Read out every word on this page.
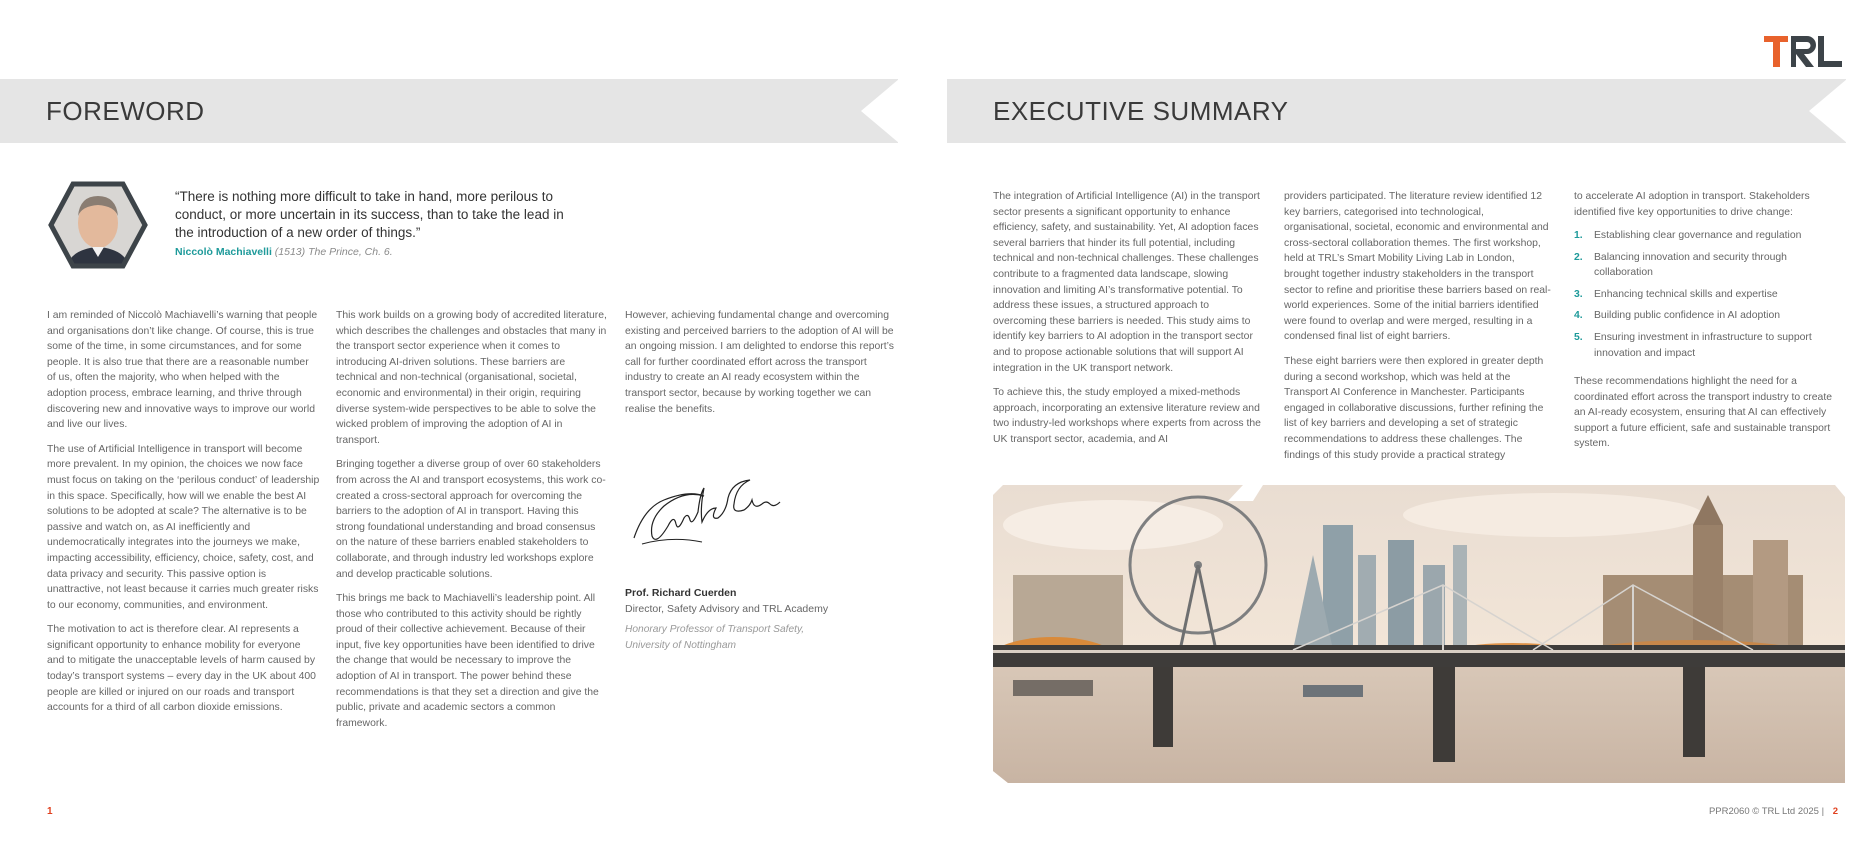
FOREWORD	EXECUTIVE SUMMARY
“There is nothing more difficult to take in hand, more perilous to conduct, or more uncertain in its success, than to take the lead in the introduction of a new order of things.”
Niccolò Machiavelli (1513) The Prince, Ch. 6.

I am reminded of Niccolò Machiavelli’s warning that people and organisations don’t like change. Of course, this is true some of the time, in some circumstances, and for some people. It is also true that there are a reasonable number of us, often the majority, who when helped with the adoption process, embrace learning, and thrive through discovering new and innovative ways to improve our world and live our lives.

The use of Artificial Intelligence in transport will become more prevalent. In my opinion, the choices we now face must focus on taking on the ‘perilous conduct’ of leadership in this space. Specifically, how will we enable the best AI solutions to be adopted at scale? The alternative is to be passive and watch on, as AI inefficiently and undemocratically integrates into the journeys we make, impacting accessibility, efficiency, choice, safety, cost, and data privacy and security. This passive option is unattractive, not least because it carries much greater risks to our economy, communities, and environment.

The motivation to act is therefore clear. AI represents a significant opportunity to enhance mobility for everyone and to mitigate the unacceptable levels of harm caused by today’s transport systems – every day in the UK about 400 people are killed or injured on our roads and transport accounts for a third of all carbon dioxide emissions.

This work builds on a growing body of accredited literature, which describes the challenges and obstacles that many in the transport sector experience when it comes to introducing AI-driven solutions. These barriers are technical and non-technical (organisational, societal, economic and environmental) in their origin, requiring diverse system-wide perspectives to be able to solve the wicked problem of improving the adoption of AI in transport.

Bringing together a diverse group of over 60 stakeholders from across the AI and transport ecosystems, this work co-created a cross-sectoral approach for overcoming the barriers to the adoption of AI in transport. Having this strong foundational understanding and broad consensus on the nature of these barriers enabled stakeholders to collaborate, and through industry led workshops explore and develop practicable solutions.

This brings me back to Machiavelli’s leadership point. All those who contributed to this activity should be rightly proud of their collective achievement. Because of their input, five key opportunities have been identified to drive the change that would be necessary to improve the adoption of AI in transport. The power behind these recommendations is that they set a direction and give the public, private and academic sectors a common framework.

However, achieving fundamental change and overcoming existing and perceived barriers to the adoption of AI will be an ongoing mission. I am delighted to endorse this report’s call for further coordinated effort across the transport industry to create an AI ready ecosystem within the transport sector, because by working together we can realise the benefits.

Prof. Richard Cuerden
Director, Safety Advisory and TRL Academy
Honorary Professor of Transport Safety, University of Nottingham

The integration of Artificial Intelligence (AI) in the transport sector presents a significant opportunity to enhance efficiency, safety, and sustainability. Yet, AI adoption faces several barriers that hinder its full potential, including technical and non-technical challenges. These challenges contribute to a fragmented data landscape, slowing innovation and limiting AI’s transformative potential. To address these issues, a structured approach to overcoming these barriers is needed. This study aims to identify key barriers to AI adoption in the transport sector and to propose actionable solutions that will support AI integration in the UK transport network.

To achieve this, the study employed a mixed-methods approach, incorporating an extensive literature review and two industry-led workshops where experts from across the UK transport sector, academia, and AI

providers participated. The literature review identified 12 key barriers, categorised into technological, organisational, societal, economic and environmental and cross-sectoral collaboration themes. The first workshop, held at TRL’s Smart Mobility Living Lab in London, brought together industry stakeholders in the transport sector to refine and prioritise these barriers based on real-world experiences. Some of the initial barriers identified were found to overlap and were merged, resulting in a condensed final list of eight barriers.

These eight barriers were then explored in greater depth during a second workshop, which was held at the Transport AI Conference in Manchester. Participants engaged in collaborative discussions, further refining the list of key barriers and developing a set of strategic recommendations to address these challenges. The findings of this study provide a practical strategy

to accelerate AI adoption in transport. Stakeholders identified five key opportunities to drive change:

1. Establishing clear governance and regulation
2. Balancing innovation and security through collaboration
3. Enhancing technical skills and expertise
4. Building public confidence in AI adoption
5. Ensuring investment in infrastructure to support innovation and impact

These recommendations highlight the need for a coordinated effort across the transport industry to create an AI-ready ecosystem, ensuring that AI can effectively support a future efficient, safe and sustainable transport system.

1	PPR2060 © TRL Ltd 2025 | 2
